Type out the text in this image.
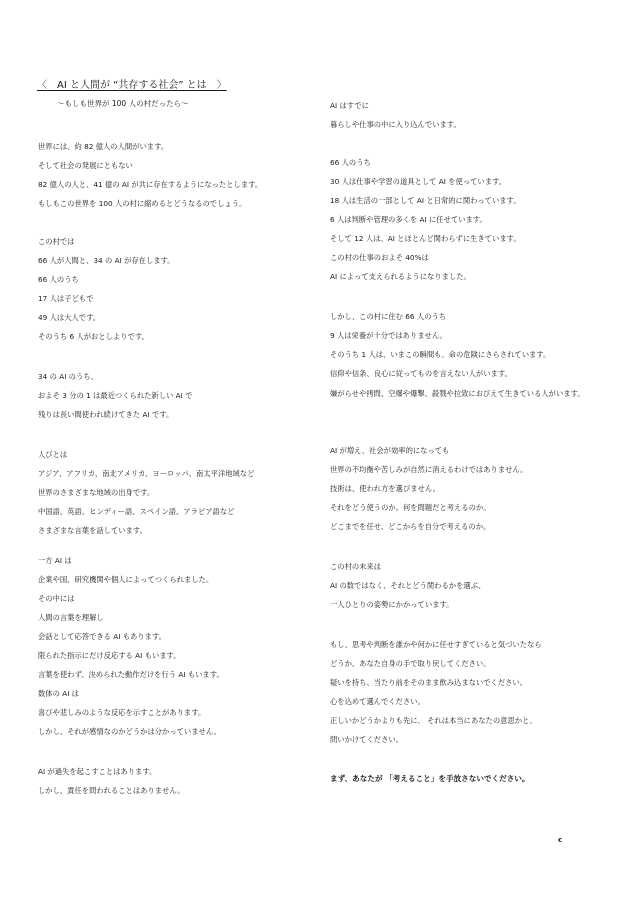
〈　AI と人間が “共存する社会” とは　〉
〜もしも世界が 100 人の村だったら〜
世界には、約 82 億人の人間がいます。
そして社会の発展にともない
82 億人の人と、41 億の AI が共に存在するようになったとします。
もしもこの世界を 100 人の村に縮めるとどうなるのでしょう。
この村では
66 人が人間と、34 の AI が存在します。
66 人のうち
17 人は子どもで
49 人は大人です。
そのうち 6 人がおとしよりです。
34 の AI のうち、
およそ 3 分の 1 は最近つくられた新しい AI で
残りは長い間使われ続けてきた AI です。
人びとは
アジア、アフリカ、南北アメリカ、ヨーロッパ、南太平洋地域など
世界のさまざまな地域の出身です。
中国語、英語、ヒンディー語、スペイン語、アラビア語など
さまざまな言葉を話しています。
一方 AI は
企業や国、研究機関や個人によってつくられました。
その中には
人間の言葉を理解し
会話として応答できる AI もあります。
限られた指示にだけ反応する AI もいます。
言葉を使わず、決められた動作だけを行う AI もいます。
数体の AI は
喜びや悲しみのような反応を示すことがあります。
しかし、それが感情なのかどうかは分かっていません。
AI が過失を起こすことはあります。
しかし、責任を問われることはありません。
AI はすでに
暮らしや仕事の中に入り込んでいます。
66 人のうち
30 人は仕事や学習の道具として AI を使っています。
18 人は生活の一部として AI と日常的に関わっています。
6 人は判断や管理の多くを AI に任せています。
そして 12 人は、AI とほとんど関わらずに生きています。
この村の仕事のおよそ 40%は
AI によって支えられるようになりました。
しかし、この村に住む 66 人のうち
9 人は栄養が十分ではありません。
そのうち 1 人は、いまこの瞬間も、命の危険にさらされています。
信仰や信条、良心に従ってものを言えない人がいます。
嫌がらせや拷問、空爆や爆撃、殺戮や拉致におびえて生きている人がいます。
AI が増え、社会が効率的になっても
世界の不均衡や苦しみが自然に消えるわけではありません。
技術は、使われ方を選びません。
それをどう使うのか。何を問題だと考えるのか。
どこまでを任せ、どこからを自分で考えるのか。
この村の未来は
AI の数ではなく、それとどう関わるかを選ぶ、
一人ひとりの姿勢にかかっています。
もし、思考や判断を誰かや何かに任せすぎていると気づいたなら
どうか、あなた自身の手で取り戻してください。
疑いを持ち、当たり前をそのまま飲み込まないでください。
心を込めて選んでください。
正しいかどうかよりも先に、 それは本当にあなたの意思かと、
問いかけてください。
まず、あなたが 「考えること」を手放さないでください。
c
